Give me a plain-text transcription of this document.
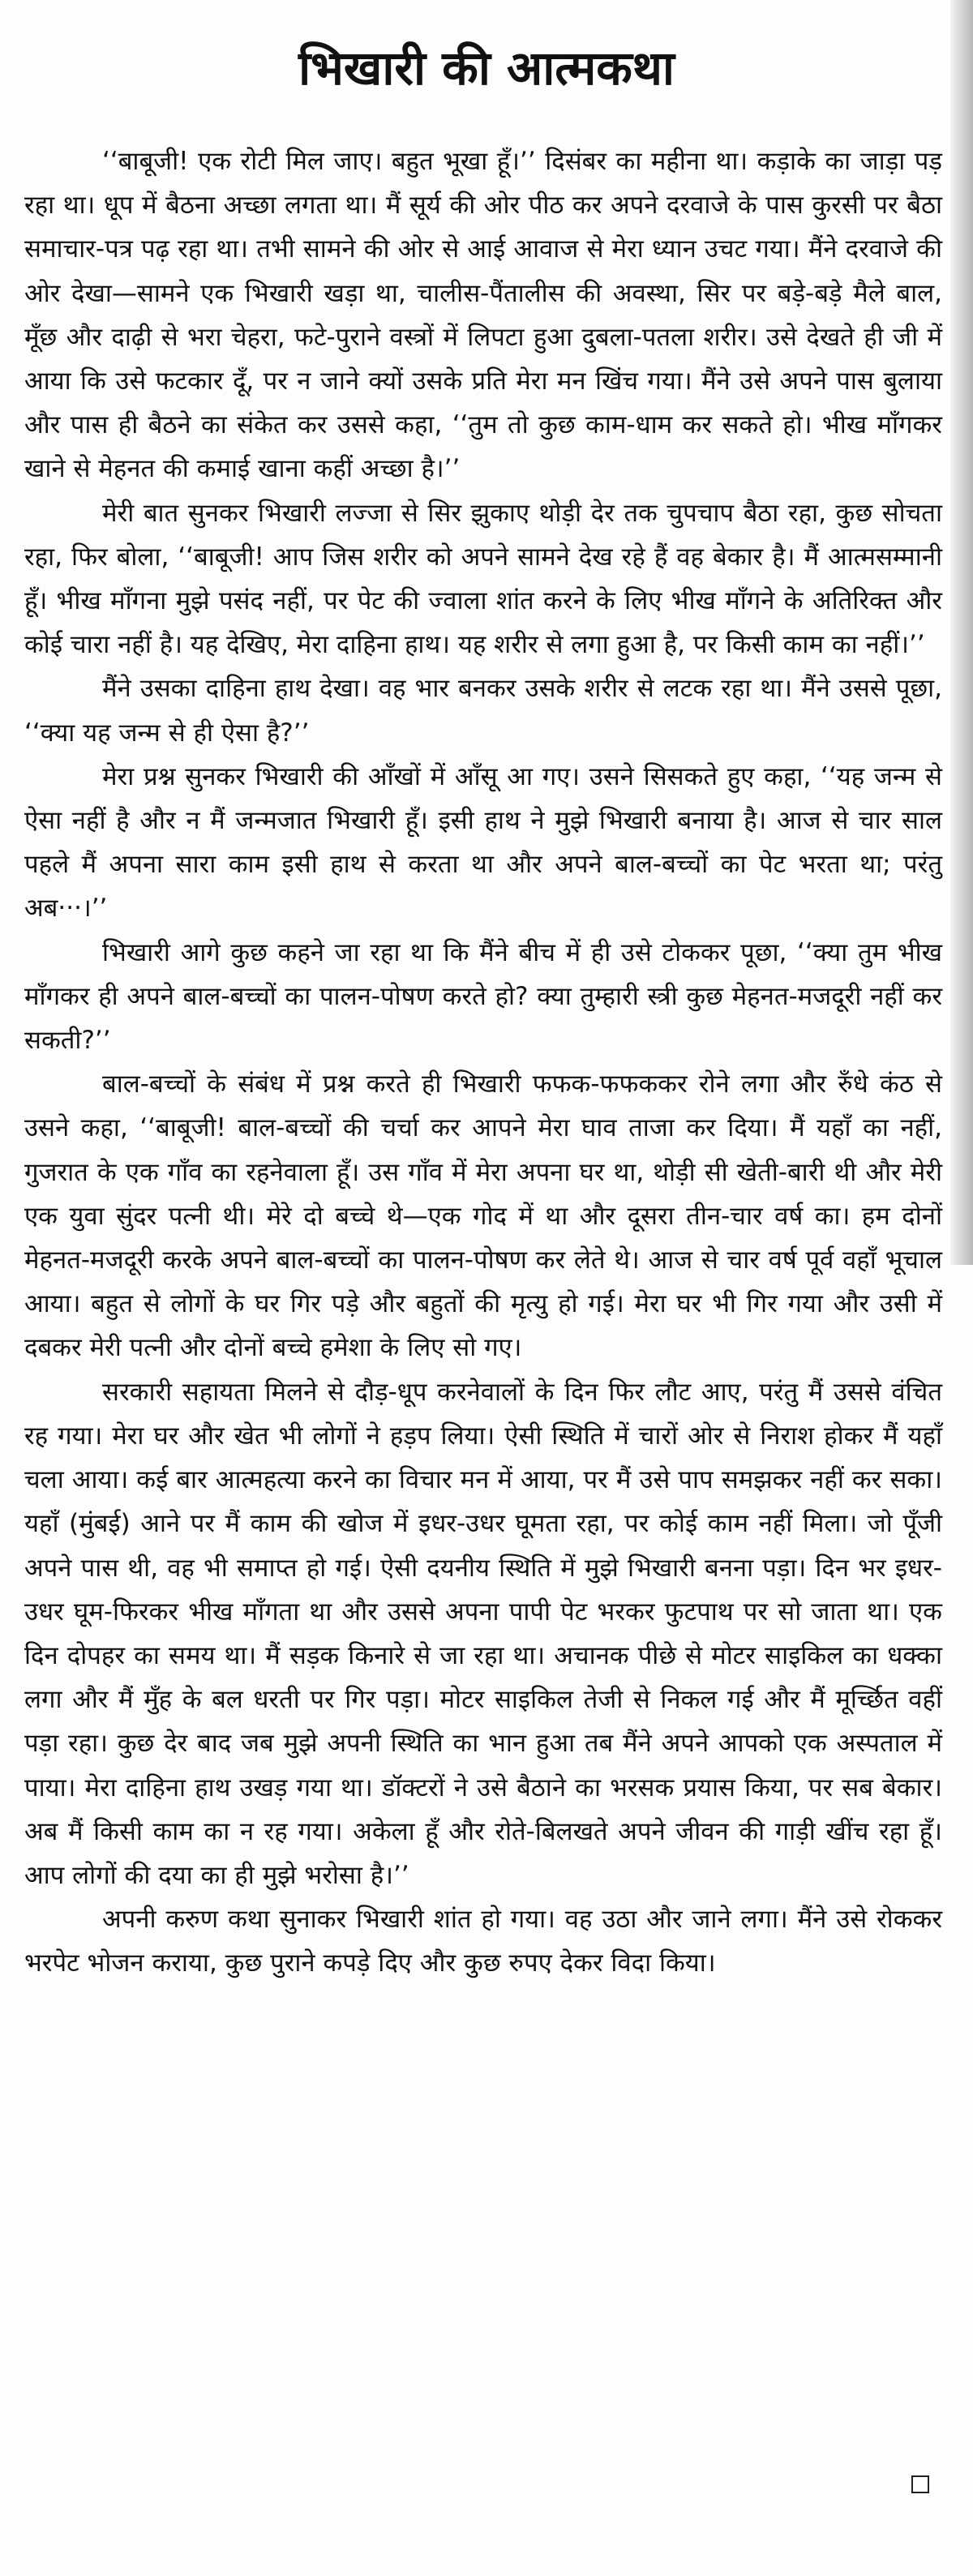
भिखारी की आत्मकथा

‘‘बाबूजी! एक रोटी मिल जाए। बहुत भूखा हूँ।’’ दिसंबर का महीना था। कड़ाके का जाड़ा पड़ रहा था। धूप में बैठना अच्छा लगता था। मैं सूर्य की ओर पीठ कर अपने दरवाजे के पास कुरसी पर बैठा समाचार-पत्र पढ़ रहा था। तभी सामने की ओर से आई आवाज से मेरा ध्यान उचट गया। मैंने दरवाजे की ओर देखा—सामने एक भिखारी खड़ा था, चालीस-पैंतालीस की अवस्था, सिर पर बड़े-बड़े मैले बाल, मूँछ और दाढ़ी से भरा चेहरा, फटे-पुराने वस्त्रों में लिपटा हुआ दुबला-पतला शरीर। उसे देखते ही जी में आया कि उसे फटकार दूँ, पर न जाने क्यों उसके प्रति मेरा मन खिंच गया। मैंने उसे अपने पास बुलाया और पास ही बैठने का संकेत कर उससे कहा, ‘‘तुम तो कुछ काम-धाम कर सकते हो। भीख माँगकर खाने से मेहनत की कमाई खाना कहीं अच्छा है।’’

मेरी बात सुनकर भिखारी लज्जा से सिर झुकाए थोड़ी देर तक चुपचाप बैठा रहा, कुछ सोचता रहा, फिर बोला, ‘‘बाबूजी! आप जिस शरीर को अपने सामने देख रहे हैं वह बेकार है। मैं आत्मसम्मानी हूँ। भीख माँगना मुझे पसंद नहीं, पर पेट की ज्वाला शांत करने के लिए भीख माँगने के अतिरिक्त और कोई चारा नहीं है। यह देखिए, मेरा दाहिना हाथ। यह शरीर से लगा हुआ है, पर किसी काम का नहीं।’’

मैंने उसका दाहिना हाथ देखा। वह भार बनकर उसके शरीर से लटक रहा था। मैंने उससे पूछा, ‘‘क्या यह जन्म से ही ऐसा है?’’

मेरा प्रश्न सुनकर भिखारी की आँखों में आँसू आ गए। उसने सिसकते हुए कहा, ‘‘यह जन्म से ऐसा नहीं है और न मैं जन्मजात भिखारी हूँ। इसी हाथ ने मुझे भिखारी बनाया है। आज से चार साल पहले मैं अपना सारा काम इसी हाथ से करता था और अपने बाल-बच्चों का पेट भरता था; परंतु अब···।’’

भिखारी आगे कुछ कहने जा रहा था कि मैंने बीच में ही उसे टोककर पूछा, ‘‘क्या तुम भीख माँगकर ही अपने बाल-बच्चों का पालन-पोषण करते हो? क्या तुम्हारी स्त्री कुछ मेहनत-मजदूरी नहीं कर सकती?’’

बाल-बच्चों के संबंध में प्रश्न करते ही भिखारी फफक-फफककर रोने लगा और रुँधे कंठ से उसने कहा, ‘‘बाबूजी! बाल-बच्चों की चर्चा कर आपने मेरा घाव ताजा कर दिया। मैं यहाँ का नहीं, गुजरात के एक गाँव का रहनेवाला हूँ। उस गाँव में मेरा अपना घर था, थोड़ी सी खेती-बारी थी और मेरी एक युवा सुंदर पत्नी थी। मेरे दो बच्चे थे—एक गोद में था और दूसरा तीन-चार वर्ष का। हम दोनों मेहनत-मजदूरी करके अपने बाल-बच्चों का पालन-पोषण कर लेते थे। आज से चार वर्ष पूर्व वहाँ भूचाल आया। बहुत से लोगों के घर गिर पड़े और बहुतों की मृत्यु हो गई। मेरा घर भी गिर गया और उसी में दबकर मेरी पत्नी और दोनों बच्चे हमेशा के लिए सो गए।

सरकारी सहायता मिलने से दौड़-धूप करनेवालों के दिन फिर लौट आए, परंतु मैं उससे वंचित रह गया। मेरा घर और खेत भी लोगों ने हड़प लिया। ऐसी स्थिति में चारों ओर से निराश होकर मैं यहाँ चला आया। कई बार आत्महत्या करने का विचार मन में आया, पर मैं उसे पाप समझकर नहीं कर सका। यहाँ (मुंबई) आने पर मैं काम की खोज में इधर-उधर घूमता रहा, पर कोई काम नहीं मिला। जो पूँजी अपने पास थी, वह भी समाप्त हो गई। ऐसी दयनीय स्थिति में मुझे भिखारी बनना पड़ा। दिन भर इधर-उधर घूम-फिरकर भीख माँगता था और उससे अपना पापी पेट भरकर फुटपाथ पर सो जाता था। एक दिन दोपहर का समय था। मैं सड़क किनारे से जा रहा था। अचानक पीछे से मोटर साइकिल का धक्का लगा और मैं मुँह के बल धरती पर गिर पड़ा। मोटर साइकिल तेजी से निकल गई और मैं मूर्च्छित वहीं पड़ा रहा। कुछ देर बाद जब मुझे अपनी स्थिति का भान हुआ तब मैंने अपने आपको एक अस्पताल में पाया। मेरा दाहिना हाथ उखड़ गया था। डॉक्टरों ने उसे बैठाने का भरसक प्रयास किया, पर सब बेकार। अब मैं किसी काम का न रह गया। अकेला हूँ और रोते-बिलखते अपने जीवन की गाड़ी खींच रहा हूँ। आप लोगों की दया का ही मुझे भरोसा है।’’

अपनी करुण कथा सुनाकर भिखारी शांत हो गया। वह उठा और जाने लगा। मैंने उसे रोककर भरपेट भोजन कराया, कुछ पुराने कपड़े दिए और कुछ रुपए देकर विदा किया।
